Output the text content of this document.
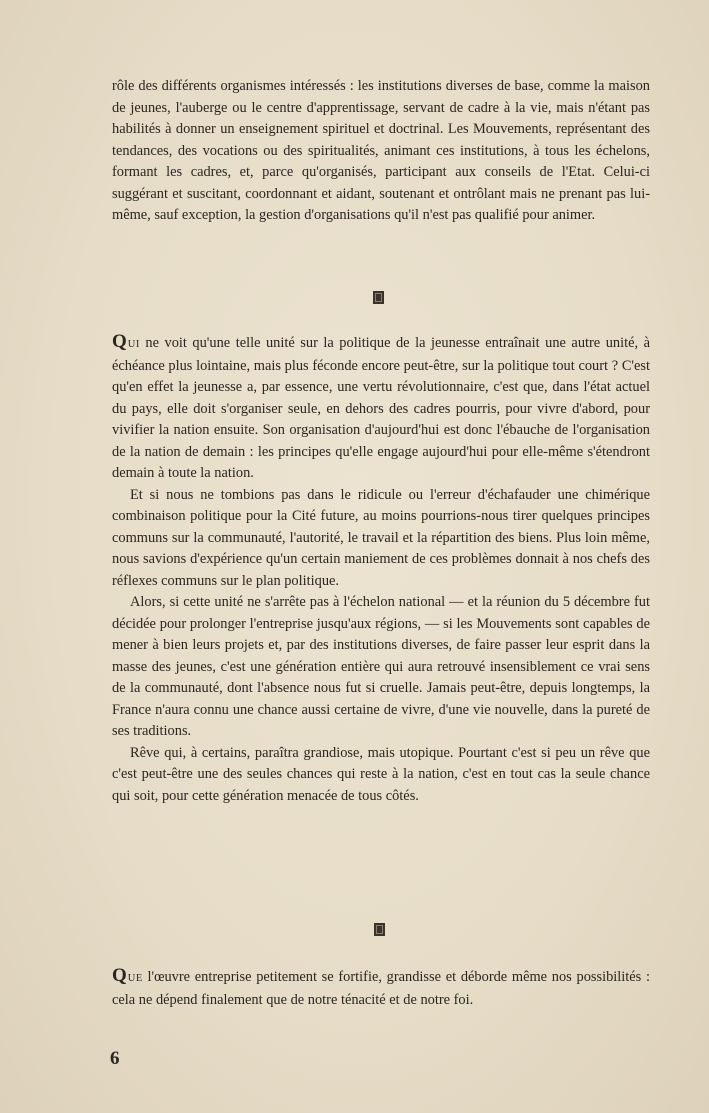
rôle des différents organismes intéressés : les institutions diverses de base, comme la maison de jeunes, l'auberge ou le centre d'apprentissage, servant de cadre à la vie, mais n'étant pas habilités à donner un enseignement spirituel et doctrinal. Les Mouvements, représentant des tendances, des vocations ou des spiritualités, animant ces institutions, à tous les échelons, formant les cadres, et, parce qu'organisés, participant aux conseils de l'Etat. Celui-ci suggérant et suscitant, coordonnant et aidant, soutenant et ontrôlant mais ne prenant pas lui-même, sauf exception, la gestion d'organisations qu'il n'est pas qualifié pour animer.

QUI ne voit qu'une telle unité sur la politique de la jeunesse entraînait une autre unité, à échéance plus lointaine, mais plus féconde encore peut-être, sur la politique tout court ? C'est qu'en effet la jeunesse a, par essence, une vertu révolutionnaire, c'est que, dans l'état actuel du pays, elle doit s'organiser seule, en dehors des cadres pourris, pour vivre d'abord, pour vivifier la nation ensuite. Son organisation d'aujourd'hui est donc l'ébauche de l'organisation de la nation de demain : les principes qu'elle engage aujourd'hui pour elle-même s'étendront demain à toute la nation.

Et si nous ne tombions pas dans le ridicule ou l'erreur d'échafauder une chimérique combinaison politique pour la Cité future, au moins pourrions-nous tirer quelques principes communs sur la communauté, l'autorité, le travail et la répartition des biens. Plus loin même, nous savions d'expérience qu'un certain maniement de ces problèmes donnait à nos chefs des réflexes communs sur le plan politique.

Alors, si cette unité ne s'arrête pas à l'échelon national — et la réunion du 5 décembre fut décidée pour prolonger l'entreprise jusqu'aux régions, — si les Mouvements sont capables de mener à bien leurs projets et, par des institutions diverses, de faire passer leur esprit dans la masse des jeunes, c'est une génération entière qui aura retrouvé insensiblement ce vrai sens de la communauté, dont l'absence nous fut si cruelle. Jamais peut-être, depuis longtemps, la France n'aura connu une chance aussi certaine de vivre, d'une vie nouvelle, dans la pureté de ses traditions.

Rêve qui, à certains, paraîtra grandiose, mais utopique. Pourtant c'est si peu un rêve que c'est peut-être une des seules chances qui reste à la nation, c'est en tout cas la seule chance qui soit, pour cette génération menacée de tous côtés.

QUE l'œuvre entreprise petitement se fortifie, grandisse et déborde même nos possibilités : cela ne dépend finalement que de notre ténacité et de notre foi.

6
